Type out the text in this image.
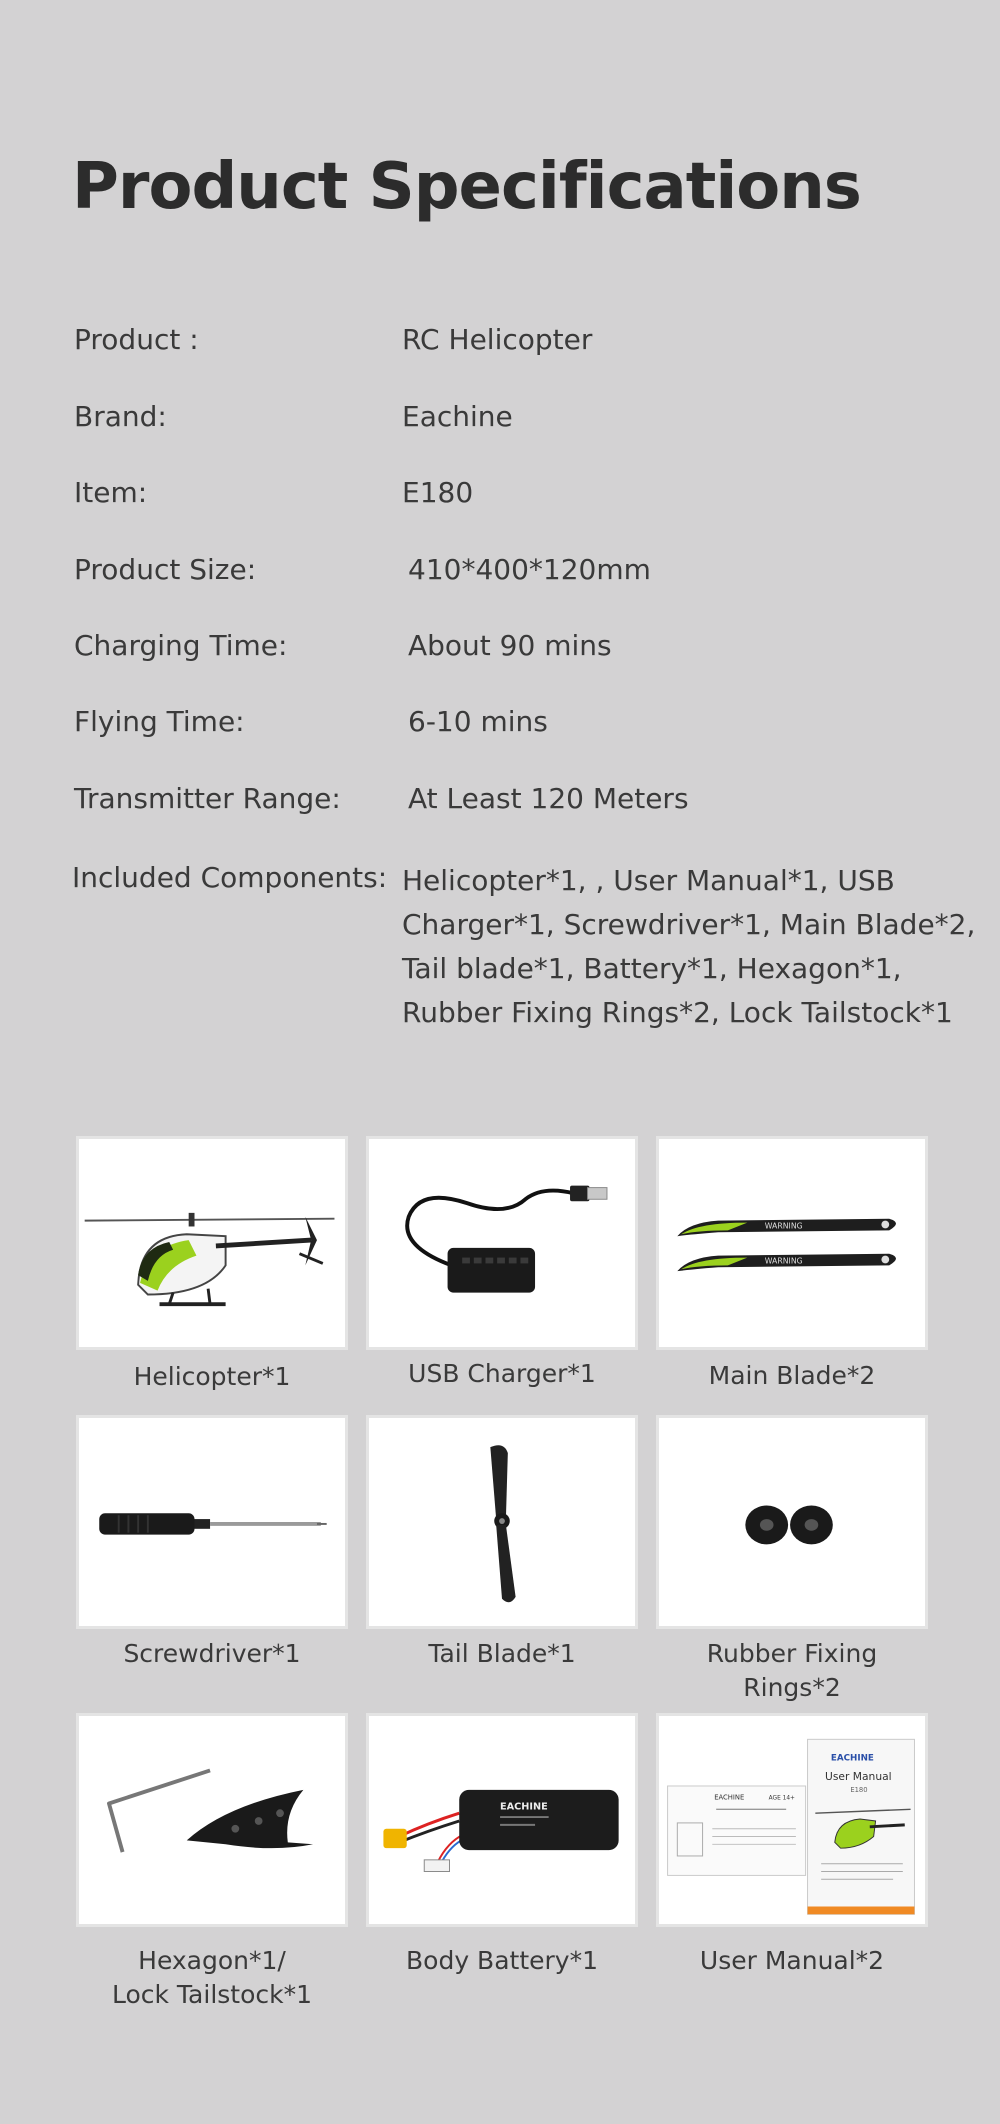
Product Specifications
Product :	RC Helicopter
Brand:	Eachine
Item:	E180
Product Size:	410*400*120mm
Charging Time:	About 90 mins
Flying Time:	6-10 mins
Transmitter Range: At Least 120 Meters
Included Components: Helicopter*1, , User Manual*1, USB Charger*1, Screwdriver*1, Main Blade*2, Tail blade*1, Battery*1, Hexagon*1, Rubber Fixing Rings*2, Lock Tailstock*1
Helicopter*1	USB Charger*1
WARNING
WARNING
Main Blade*2
Screwdriver*1	Tail Blade*1	Rubber Fixing Rings*2
Hexagon*1/
Lock Tailstock*1
EACHINE
Body Battery*1
EACHINE	AGE 14+
EACHINE
User Manual
E180
User Manual*2
